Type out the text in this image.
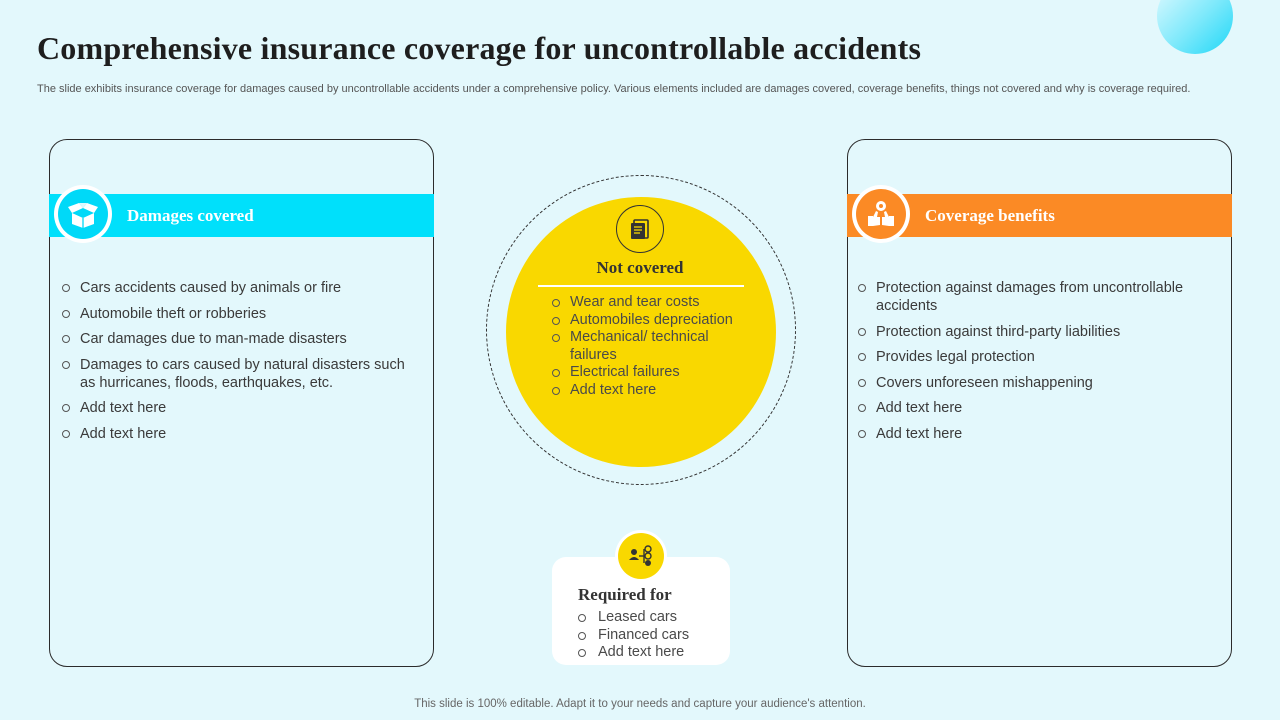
Comprehensive insurance coverage for uncontrollable accidents
The slide exhibits insurance coverage for damages caused by uncontrollable accidents under a comprehensive policy. Various elements included are damages covered, coverage benefits, things not covered and why is coverage required.
Damages covered
Cars accidents caused by animals or fire
Automobile theft or robberies
Car damages due to man-made disasters
Damages to cars caused by natural disasters such as hurricanes, floods, earthquakes, etc.
Add text here
Add text here
Not covered
Wear and tear costs
Automobiles depreciation
Mechanical/ technical failures
Electrical failures
Add text here
Required for
Leased cars
Financed cars
Add text here
Coverage benefits
Protection against damages from uncontrollable accidents
Protection against third-party liabilities
Provides legal protection
Covers unforeseen mishappening
Add text here
Add text here
This slide is 100% editable. Adapt it to your needs and capture your audience's attention.
